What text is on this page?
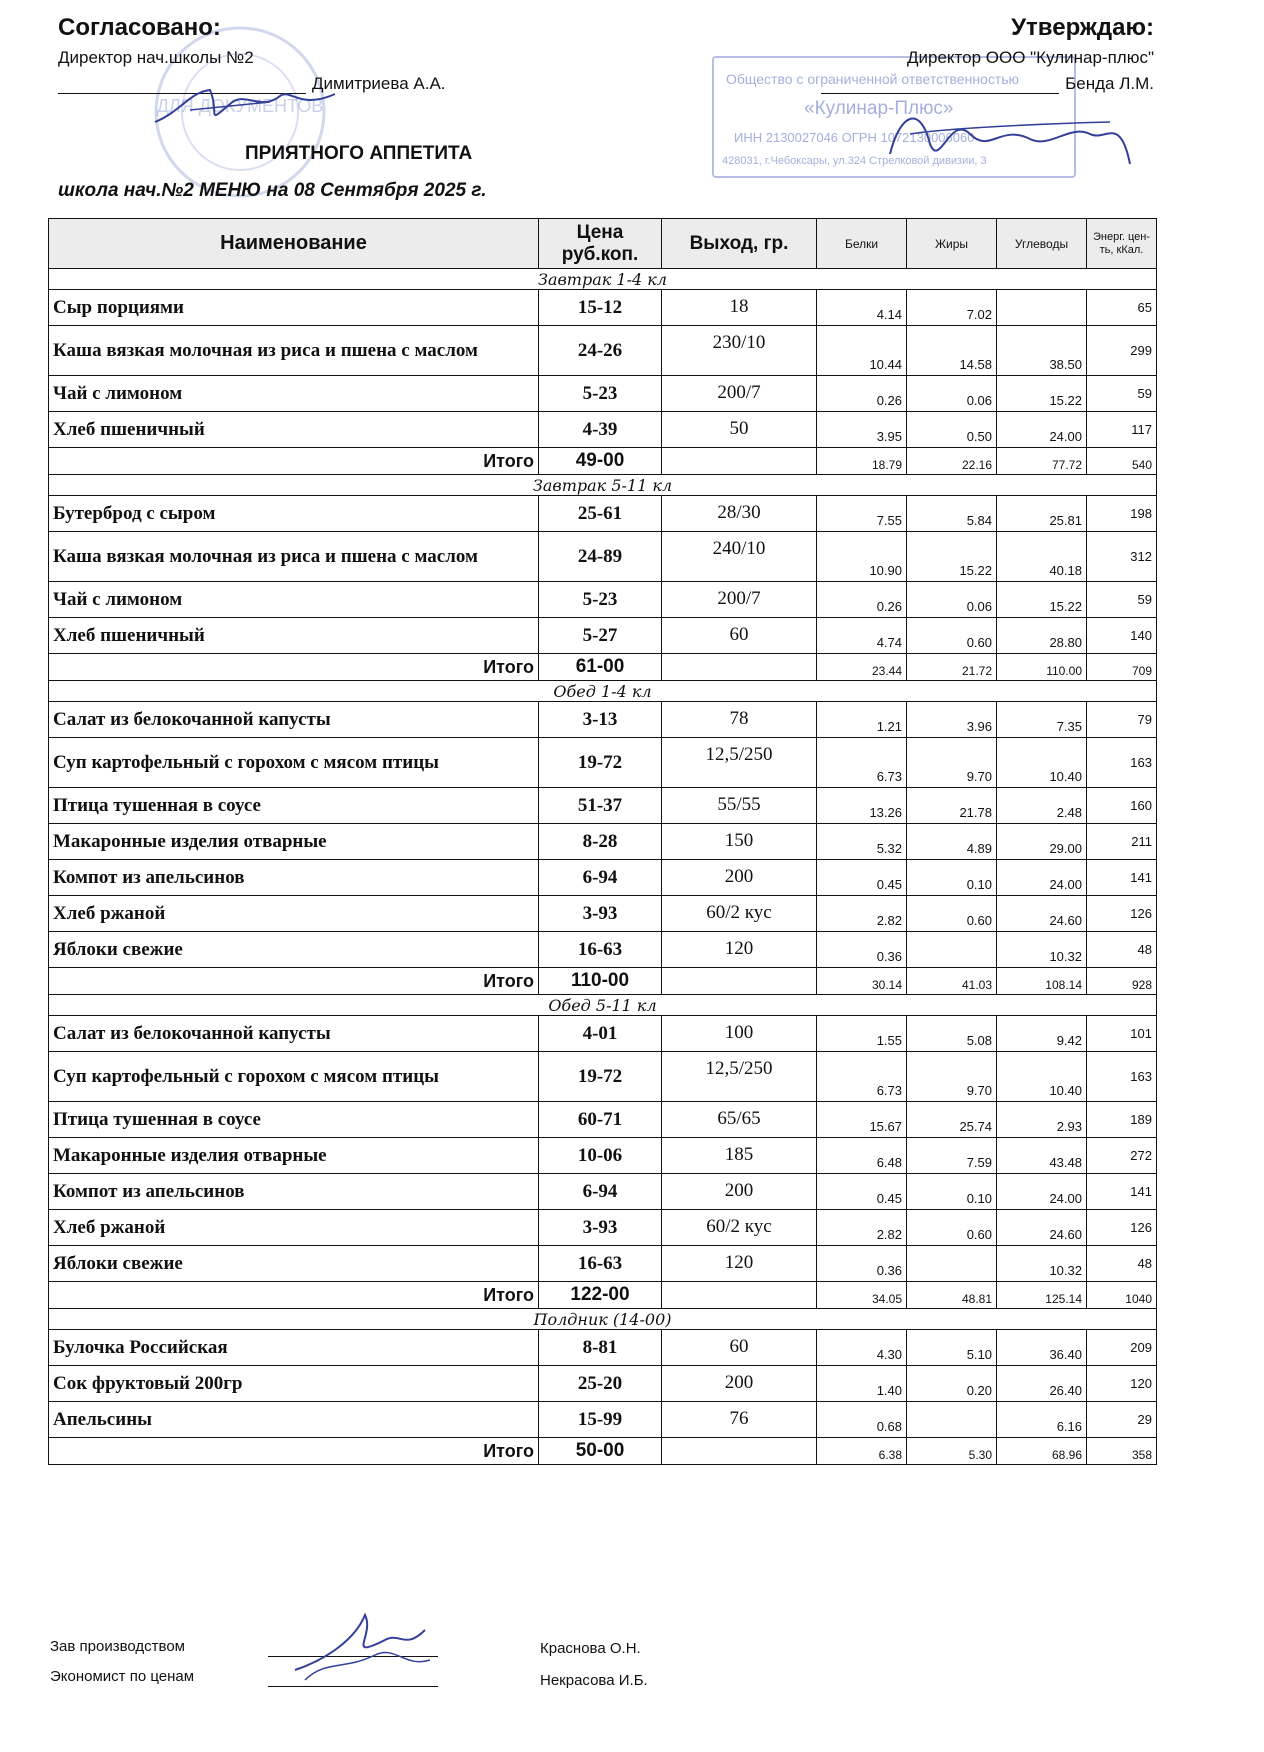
ДЛЯ ДОКУМЕНТОВ
Согласовано:
Директор нач.школы №2
Димитриева А.А.	Общество с ограниченной ответственностью
«Кулинар-Плюс»
ИНН 2130027046 ОГРН 1072130006060
428031, г.Чебоксары, ул.324 Стрелковой дивизии, 3
Утверждаю:
Директор ООО "Кулинар-плюс"
Бенда Л.М.
ПРИЯТНОГО АППЕТИТА
школа нач.№2 МЕНЮ на 08 Сентября 2025 г.
Наименование	Цена руб.коп.	Выход, гр.	Белки	Жиры	Углеводы	Энерг. цен-ть, кКал.
Завтрак 1-4 кл						
Сыр порциями	15-12	18	4.14	7.02		65
Каша вязкая молочная из риса и пшена с маслом	24-26	230/10	10.44	14.58	38.50	299
Чай с лимоном	5-23	200/7	0.26	0.06	15.22	59
Хлеб пшеничный	4-39	50	3.95	0.50	24.00	117
Итого	49-00		18.79	22.16	77.72	540
Завтрак 5-11 кл						
Бутерброд с сыром	25-61	28/30	7.55	5.84	25.81	198
Каша вязкая молочная из риса и пшена с маслом	24-89	240/10	10.90	15.22	40.18	312
Чай с лимоном	5-23	200/7	0.26	0.06	15.22	59
Хлеб пшеничный	5-27	60	4.74	0.60	28.80	140
Итого	61-00		23.44	21.72	110.00	709
Обед 1-4 кл						
Салат из белокочанной капусты	3-13	78	1.21	3.96	7.35	79
Суп картофельный с горохом с мясом птицы	19-72	12,5/250	6.73	9.70	10.40	163
Птица тушенная в соусе	51-37	55/55	13.26	21.78	2.48	160
Макаронные изделия отварные	8-28	150	5.32	4.89	29.00	211
Компот из апельсинов	6-94	200	0.45	0.10	24.00	141
Хлеб ржаной	3-93	60/2 кус	2.82	0.60	24.60	126
Яблоки свежие	16-63	120	0.36		10.32	48
Итого	110-00		30.14	41.03	108.14	928
Обед 5-11 кл						
Салат из белокочанной капусты	4-01	100	1.55	5.08	9.42	101
Суп картофельный с горохом с мясом птицы	19-72	12,5/250	6.73	9.70	10.40	163
Птица тушенная в соусе	60-71	65/65	15.67	25.74	2.93	189
Макаронные изделия отварные	10-06	185	6.48	7.59	43.48	272
Компот из апельсинов	6-94	200	0.45	0.10	24.00	141
Хлеб ржаной	3-93	60/2 кус	2.82	0.60	24.60	126
Яблоки свежие	16-63	120	0.36		10.32	48
Итого	122-00		34.05	48.81	125.14	1040
Полдник (14-00)						
Булочка Российская	8-81	60	4.30	5.10	36.40	209
Сок фруктовый 200гр	25-20	200	1.40	0.20	26.40	120
Апельсины	15-99	76	0.68		6.16	29
Итого	50-00		6.38	5.30	68.96	358
Зав производством	Краснова О.Н.
Экономист по ценам	Некрасова И.Б.
